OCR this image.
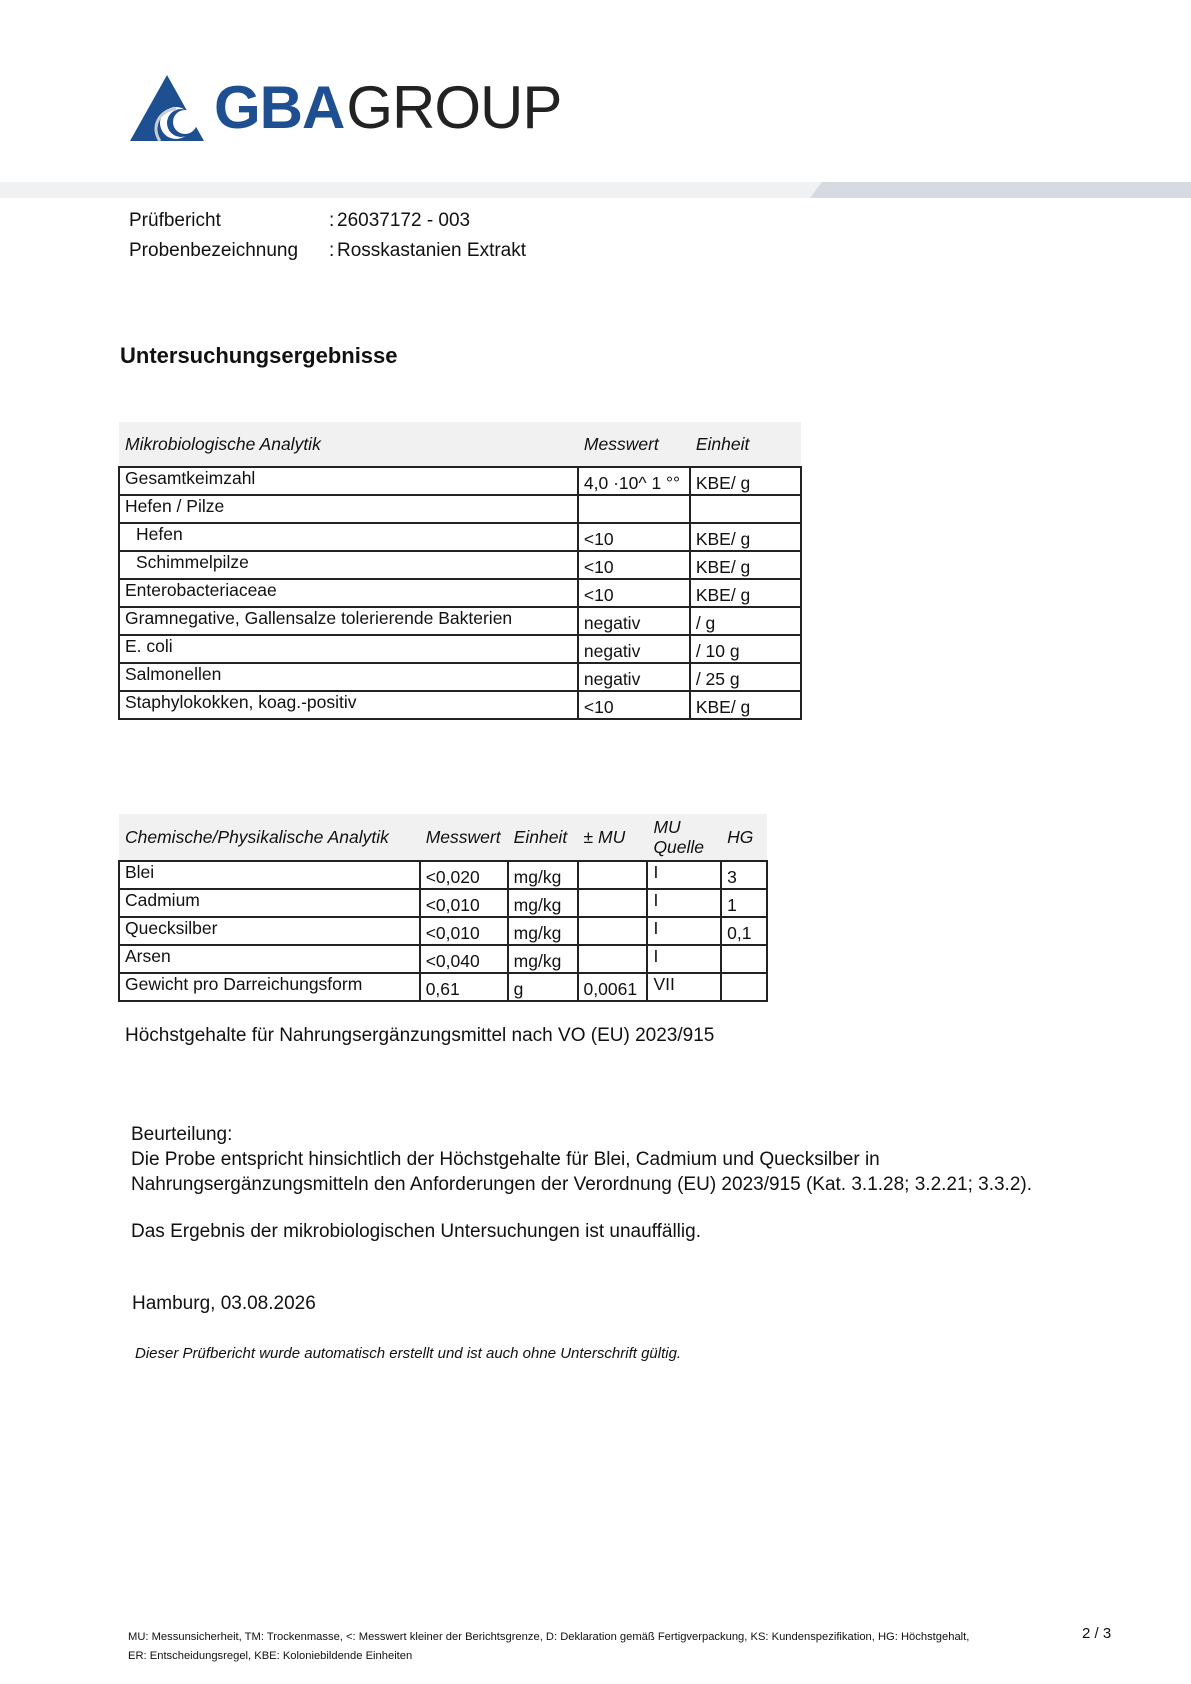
GBA GROUP
Prüfbericht	: 26037172 - 003
Probenbezeichnung : Rosskastanien Extrakt
Untersuchungsergebnisse
Mikrobiologische Analytik	Messwert	Einheit
Gesamtkeimzahl	4,0 ·10^ 1 °°	KBE/ g
Hefen / Pilze		
Hefen	<10	KBE/ g
Schimmelpilze	<10	KBE/ g
Enterobacteriaceae	<10	KBE/ g
Gramnegative, Gallensalze tolerierende Bakterien	negativ	/ g
E. coli	negativ	/ 10 g
Salmonellen	negativ	/ 25 g
Staphylokokken, koag.-positiv	<10	KBE/ g
Chemische/Physikalische Analytik	Messwert	Einheit	± MU	MU Quelle	HG
Blei	<0,020	mg/kg		I	3
Cadmium	<0,010	mg/kg		I	1
Quecksilber	<0,010	mg/kg		I	0,1
Arsen	<0,040	mg/kg		I	
Gewicht pro Darreichungsform	0,61	g	0,0061	VII	
Höchstgehalte für Nahrungsergänzungsmittel nach VO (EU) 2023/915

Beurteilung:

Die Probe entspricht hinsichtlich der Höchstgehalte für Blei, Cadmium und Quecksilber in

Nahrungsergänzungsmitteln den Anforderungen der Verordnung (EU) 2023/915 (Kat. 3.1.28; 3.2.21; 3.3.2).

Das Ergebnis der mikrobiologischen Untersuchungen ist unauffällig.

Hamburg, 03.08.2026
Dieser Prüfbericht wurde automatisch erstellt und ist auch ohne Unterschrift gültig.
MU: Messunsicherheit, TM: Trockenmasse, <: Messwert kleiner der Berichtsgrenze, D: Deklaration gemäß Fertigverpackung, KS: Kundenspezifikation, HG: Höchstgehalt,
ER: Entscheidungsregel, KBE: Koloniebildende Einheiten
2 / 3
